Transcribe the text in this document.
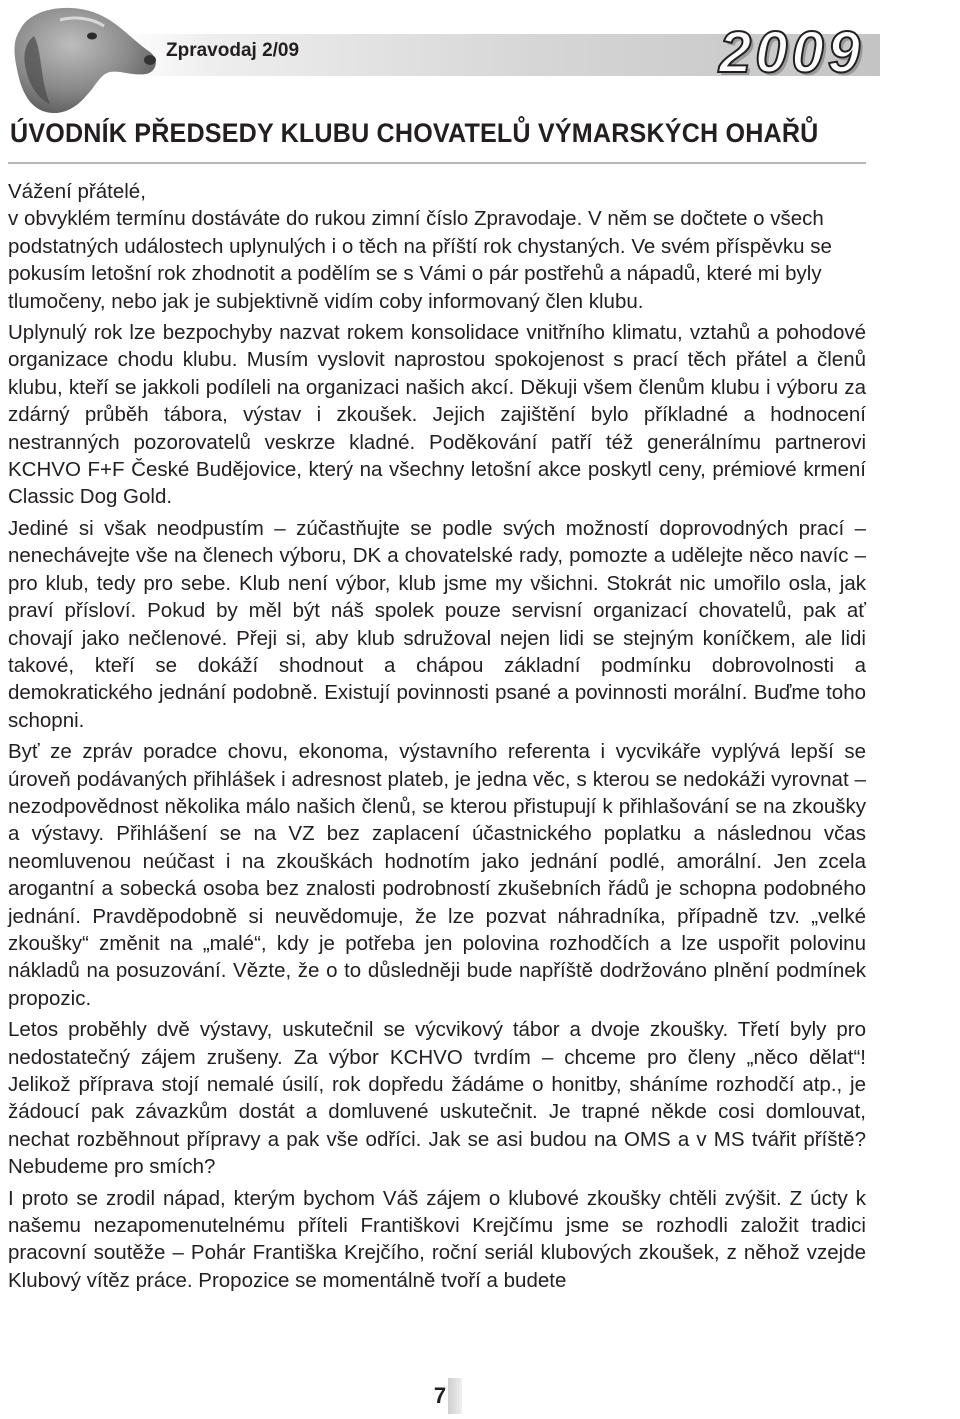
Zpravodaj 2/09	2009
ÚVODNÍK PŘEDSEDY KLUBU CHOVATELŮ VÝMARSKÝCH OHAŘŮ

Vážení přátelé,
v obvyklém termínu dostáváte do rukou zimní číslo Zpravodaje. V něm se dočtete o všech podstatných událostech uplynulých i o těch na příští rok chystaných. Ve svém příspěvku se pokusím letošní rok zhodnotit a podělím se s Vámi o pár postřehů a nápadů, které mi byly tlumočeny, nebo jak je subjektivně vidím coby informovaný člen klubu.

Uplynulý rok lze bezpochyby nazvat rokem konsolidace vnitřního klimatu, vztahů a pohodové organizace chodu klubu. Musím vyslovit naprostou spokojenost s prací těch přátel a členů klubu, kteří se jakkoli podíleli na organizaci našich akcí. Děkuji všem členům klubu i výboru za zdárný průběh tábora, výstav i zkoušek. Jejich zajištění bylo příkladné a hodnocení nestranných pozorovatelů veskrze kladné. Poděkování patří též generálnímu partnerovi KCHVO F+F České Budějovice, který na všechny letošní akce poskytl ceny, prémiové krmení Classic Dog Gold.

Jediné si však neodpustím – zúčastňujte se podle svých možností doprovodných prací – nenechávejte vše na členech výboru, DK a chovatelské rady, pomozte a udělejte něco navíc – pro klub, tedy pro sebe. Klub není výbor, klub jsme my všichni. Stokrát nic umořilo osla, jak praví přísloví. Pokud by měl být náš spolek pouze servisní organizací chovatelů, pak ať chovají jako nečlenové. Přeji si, aby klub sdružoval nejen lidi se stejným koníčkem, ale lidi takové, kteří se dokáží shodnout a chápou základní podmínku dobrovolnosti a demokratického jednání podobně. Existují povinnosti psané a povinnosti morální. Buďme toho schopni.

Byť ze zpráv poradce chovu, ekonoma, výstavního referenta i vycvikáře vyplývá lepší se úroveň podávaných přihlášek i adresnost plateb, je jedna věc, s kterou se nedokáži vyrovnat – nezodpovědnost několika málo našich členů, se kterou přistupují k přihlašování se na zkoušky a výstavy. Přihlášení se na VZ bez zaplacení účastnického poplatku a následnou včas neomluvenou neúčast i na zkouškách hodnotím jako jednání podlé, amorální. Jen zcela arogantní a sobecká osoba bez znalosti podrobností zkušebních řádů je schopna podobného jednání. Pravděpodobně si neuvědomuje, že lze pozvat náhradníka, případně tzv. „velké zkoušky“ změnit na „malé“, kdy je potřeba jen polovina rozhodčích a lze uspořit polovinu nákladů na posuzování. Vězte, že o to důsledněji bude napříště dodržováno plnění podmínek propozic.

Letos proběhly dvě výstavy, uskutečnil se výcvikový tábor a dvoje zkoušky. Třetí byly pro nedostatečný zájem zrušeny. Za výbor KCHVO tvrdím – chceme pro členy „něco dělat“! Jelikož příprava stojí nemalé úsilí, rok dopředu žádáme o honitby, sháníme rozhodčí atp., je žádoucí pak závazkům dostát a domluvené uskutečnit. Je trapné někde cosi domlouvat, nechat rozběhnout přípravy a pak vše odříci. Jak se asi budou na OMS a v MS tvářit příště? Nebudeme pro smích?

I proto se zrodil nápad, kterým bychom Váš zájem o klubové zkoušky chtěli zvýšit. Z úcty k našemu nezapomenutelnému příteli Františkovi Krejčímu jsme se rozhodli založit tradici pracovní soutěže – Pohár Františka Krejčího, roční seriál klubových zkoušek, z něhož vzejde Klubový vítěz práce. Propozice se momentálně tvoří a budete

7
